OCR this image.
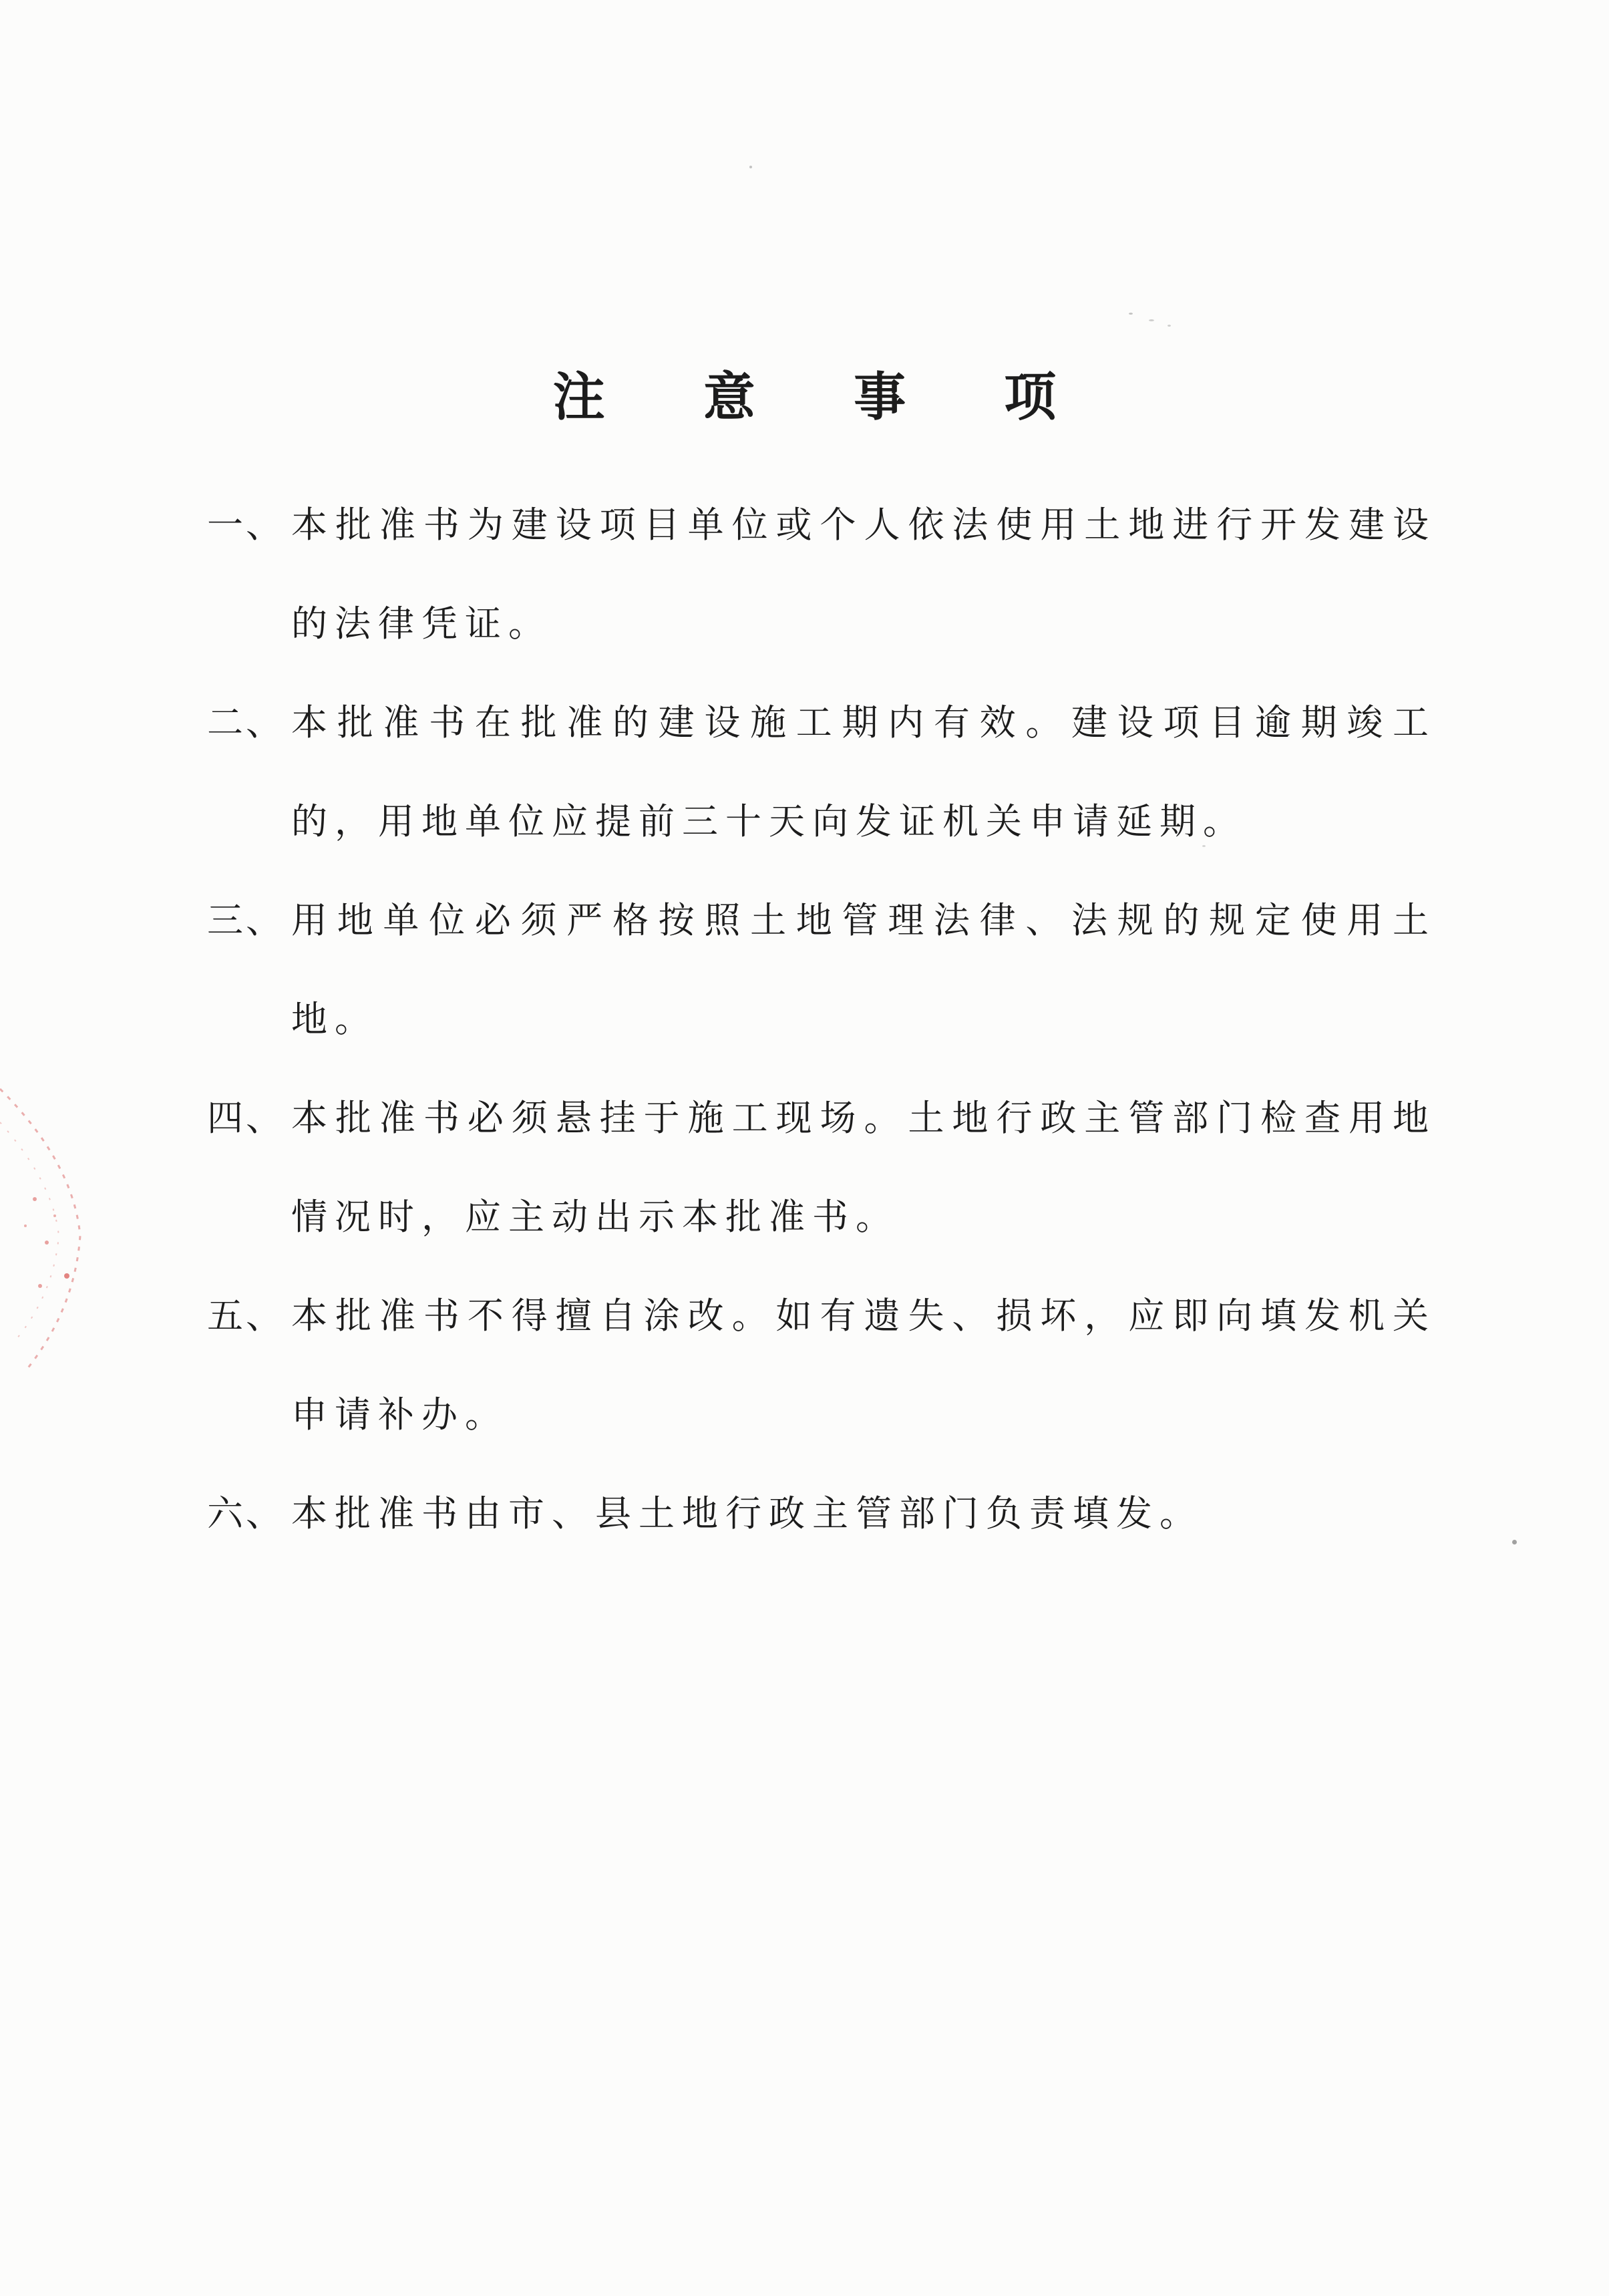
注 意 事 项
一、 本批准书为建设项目单位或个人依法使用土地进行开发建设的法律凭证。
二、 本批准书在批准的建设施工期内有效。建设项目逾期竣工的，用地单位应提前三十天向发证机关申请延期。
三、 用地单位必须严格按照土地管理法律、法规的规定使用土地。
四、 本批准书必须悬挂于施工现场。土地行政主管部门检查用地情况时，应主动出示本批准书。
五、 本批准书不得擅自涂改。如有遗失、损坏，应即向填发机关申请补办。
六、 本批准书由市、县土地行政主管部门负责填发。
